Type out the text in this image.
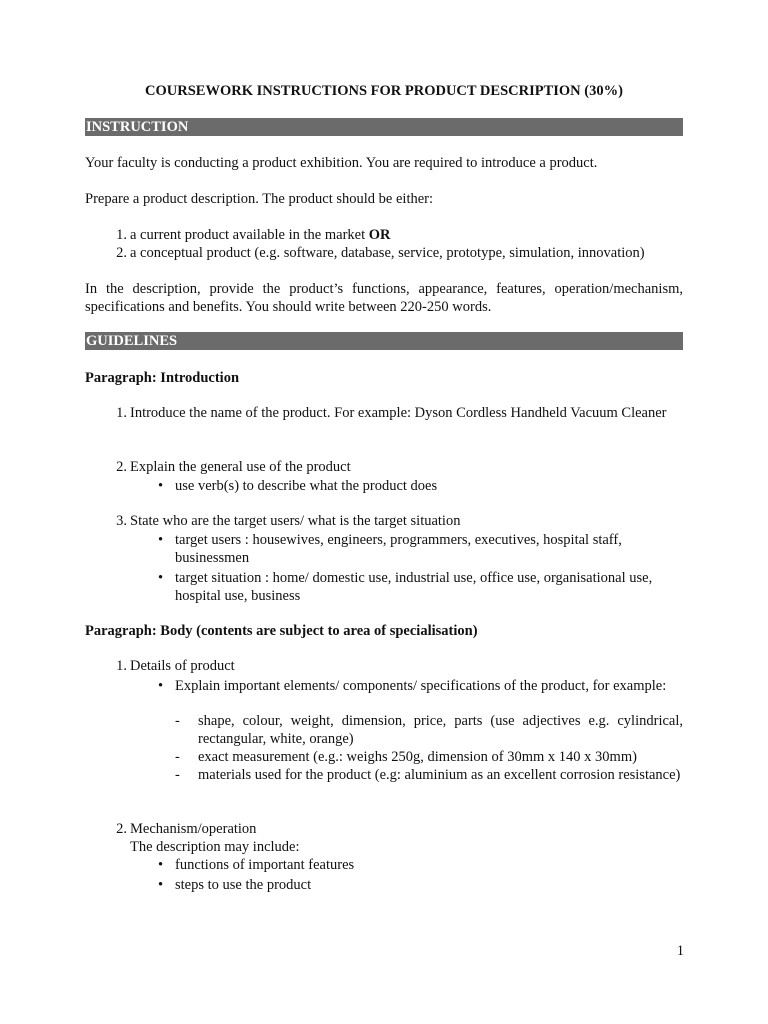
COURSEWORK INSTRUCTIONS FOR PRODUCT DESCRIPTION (30%)

INSTRUCTION

Your faculty is conducting a product exhibition. You are required to introduce a product.

Prepare a product description. The product should be either:

1. a current product available in the market OR
2. a conceptual product (e.g. software, database, service, prototype, simulation, innovation)

In the description, provide the product’s functions, appearance, features, operation/mechanism, specifications and benefits. You should write between 220-250 words.

GUIDELINES

Paragraph: Introduction

1. Introduce the name of the product. For example: Dyson Cordless Handheld Vacuum Cleaner
2. Explain the general use of the product
• use verb(s) to describe what the product does
3. State who are the target users/ what is the target situation
• target users : housewives, engineers, programmers, executives, hospital staff, businessmen
• target situation : home/ domestic use, industrial use, office use, organisational use, hospital use, business

Paragraph: Body (contents are subject to area of specialisation)

1. Details of product
• Explain important elements/ components/ specifications of the product, for example:
-	shape, colour, weight, dimension, price, parts (use adjectives e.g. cylindrical, rectangular, white, orange)
-	exact measurement (e.g.: weighs 250g, dimension of 30mm x 140 x 30mm)
-	materials used for the product (e.g: aluminium as an excellent corrosion resistance)
2. Mechanism/operation
The description may include:
• functions of important features
• steps to use the product

1
